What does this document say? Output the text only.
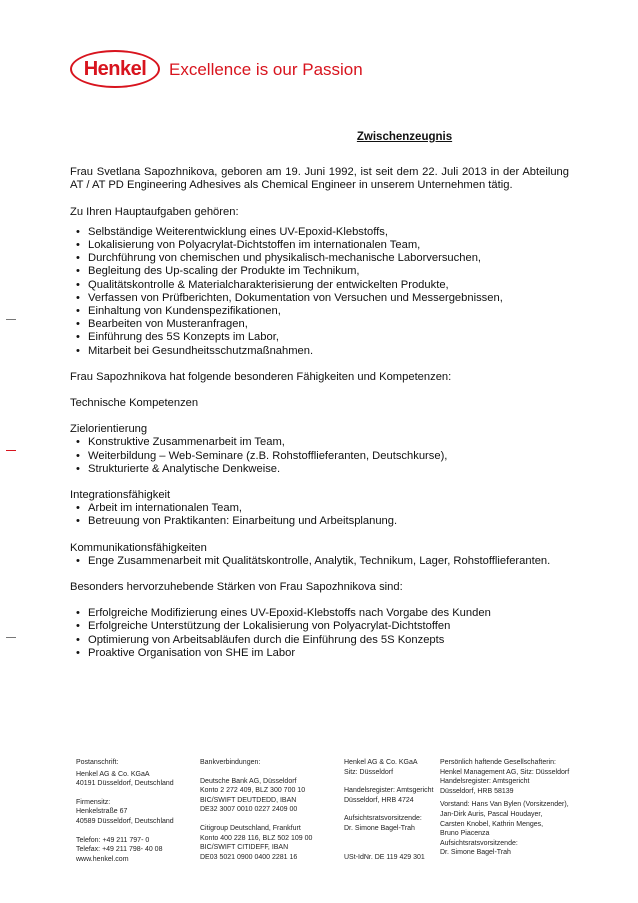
Henkel Excellence is our Passion

Zwischenzeugnis

Frau Svetlana Sapozhnikova, geboren am 19. Juni 1992, ist seit dem 22. Juli 2013 in der Abteilung AT / AT PD Engineering Adhesives als Chemical Engineer in unserem Unternehmen tätig.

Zu Ihren Hauptaufgaben gehören:

• Selbständige Weiterentwicklung eines UV-Epoxid-Klebstoffs,
• Lokalisierung von Polyacrylat-Dichtstoffen im internationalen Team,
• Durchführung von chemischen und physikalisch-mechanische Laborversuchen,
• Begleitung des Up-scaling der Produkte im Technikum,
• Qualitätskontrolle & Materialcharakterisierung der entwickelten Produkte,
• Verfassen von Prüfberichten, Dokumentation von Versuchen und Messergebnissen,
• Einhaltung von Kundenspezifikationen,
• Bearbeiten von Musteranfragen,
• Einführung des 5S Konzepts im Labor,
• Mitarbeit bei Gesundheitsschutzmaßnahmen.

Frau Sapozhnikova hat folgende besonderen Fähigkeiten und Kompetenzen:

Technische Kompetenzen

Zielorientierung

• Konstruktive Zusammenarbeit im Team,
• Weiterbildung – Web-Seminare (z.B. Rohstofflieferanten, Deutschkurse),
• Strukturierte & Analytische Denkweise.

Integrationsfähigkeit

• Arbeit im internationalen Team,
• Betreuung von Praktikanten: Einarbeitung und Arbeitsplanung.

Kommunikationsfähigkeiten

• Enge Zusammenarbeit mit Qualitätskontrolle, Analytik, Technikum, Lager, Rohstofflieferanten.

Besonders hervorzuhebende Stärken von Frau Sapozhnikova sind:

• Erfolgreiche Modifizierung eines UV-Epoxid-Klebstoffs nach Vorgabe des Kunden
• Erfolgreiche Unterstützung der Lokalisierung von Polyacrylat-Dichtstoffen
• Optimierung von Arbeitsabläufen durch die Einführung des 5S Konzepts
• Proaktive Organisation von SHE im Labor
Postanschrift:
Henkel AG & Co. KGaA
40191 Düsseldorf, Deutschland
Firmensitz:
Henkelstraße 67
40589 Düsseldorf, Deutschland
Telefon: +49 211 797- 0
Telefax: +49 211 798- 40 08
www.henkel.com
Bankverbindungen:
Deutsche Bank AG, Düsseldorf
Konto 2 272 409, BLZ 300 700 10
BIC/SWIFT DEUTDEDD, IBAN
DE32 3007 0010 0227 2409 00
Citigroup Deutschland, Frankfurt
Konto 400 228 116, BLZ 502 109 00
BIC/SWIFT CITIDEFF, IBAN
DE03 5021 0900 0400 2281 16
Henkel AG & Co. KGaA
Sitz: Düsseldorf
Handelsregister: Amtsgericht
Düsseldorf, HRB 4724
Aufsichtsratsvorsitzende:
Dr. Simone Bagel-Trah
USt-IdNr. DE 119 429 301
Persönlich haftende Gesellschafterin:
Henkel Management AG, Sitz: Düsseldorf
Handelsregister: Amtsgericht
Düsseldorf, HRB 58139
Vorstand: Hans Van Bylen (Vorsitzender),
Jan-Dirk Auris, Pascal Houdayer,
Carsten Knobel, Kathrin Menges,
Bruno Piacenza
Aufsichtsratsvorsitzende:
Dr. Simone Bagel-Trah
